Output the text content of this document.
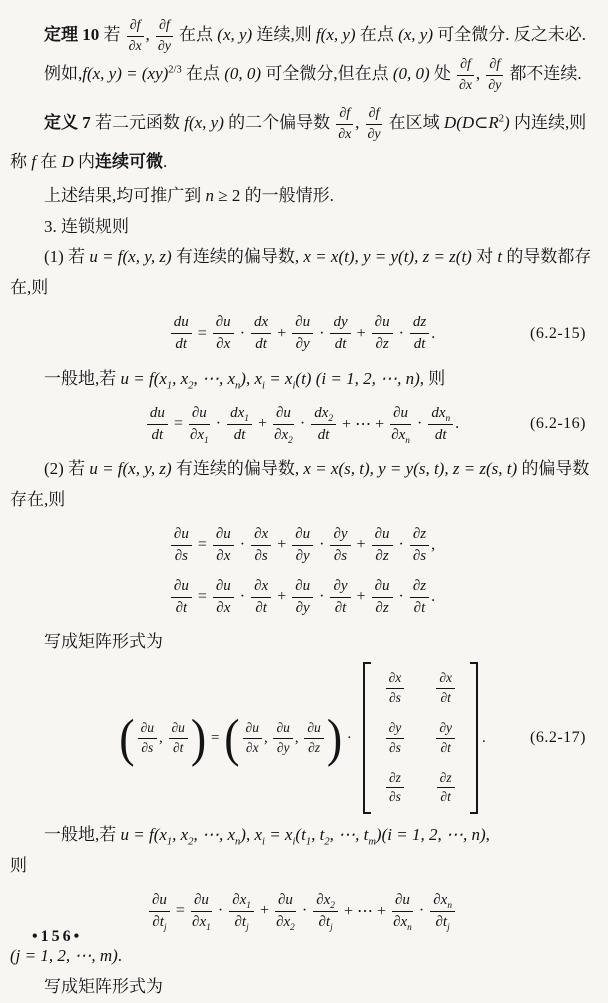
定理 10 若 $\frac{\partial f}{\partial x}$ , $\frac{\partial f}{\partial y}$ 在点 (x, y) 连续,则 f(x, y) 在点 (x, y) 可全微分. 反之未必.

例如,f(x, y) = (xy)$^{2/3}$ 在点 (0, 0) 可全微分,但在点 (0, 0) 处 $\frac{\partial f}{\partial x}$ , $\frac{\partial f}{\partial y}$ 都不连续.

定义 7 若二元函数 f(x, y) 的二个偏导数 $\frac{\partial f}{\partial x}$ , $\frac{\partial f}{\partial y}$ 在区域 $D(D\subset R^2)$ 内连续,则称 f 在 D 内连续可微.

上述结果,均可推广到 n ≥ 2 的一般情形.

3. 连锁规则

(1) 若 u = f(x, y, z) 有连续的偏导数, x = x(t), y = y(t), z = z(t) 对 t 的导数都存在,则

$\frac{du}{dt} = \frac{\partial u}{\partial x} \cdot \frac{dx}{dt} + \frac{\partial u}{\partial y} \cdot \frac{dy}{dt} + \frac{\partial u}{\partial z} \cdot \frac{dz}{dt}$ .	(6.2-15)

一般地,若 $u = f(x_1$, $x_2$, ⋯, $x_n$), $x_i = x_i(t) (i = 1$, 2, ⋯, n), 则

$\frac{du}{dt} = \frac{\partial u}{\partial x_1} \cdot \frac{dx_1}{dt} + \frac{\partial u}{\partial x_2} \cdot \frac{dx_2}{dt}$ + ⋯ + $\frac{\partial u}{\partial x_n} \cdot \frac{dx_n}{dt}$ .	(6.2-16)

(2) 若 u = f(x, y, z) 有连续的偏导数, x = x(s, t), y = y(s, t), z = z(s, t) 的偏导数存在,则

$\frac{\partial u}{\partial s} = \frac{\partial u}{\partial x} \cdot \frac{\partial x}{\partial s} + \frac{\partial u}{\partial y} \cdot \frac{\partial y}{\partial s} + \frac{\partial u}{\partial z} \cdot \frac{\partial z}{\partial s}$ ,
$\frac{\partial u}{\partial t} = \frac{\partial u}{\partial x} \cdot \frac{\partial x}{\partial t} + \frac{\partial u}{\partial y} \cdot \frac{\partial y}{\partial t} + \frac{\partial u}{\partial z} \cdot \frac{\partial z}{\partial t}$ .

写成矩阵形式为

( $\frac{\partial u}{\partial s}$ , $\frac{\partial u}{\partial t}$ ) = ( $\frac{\partial u}{\partial x}$ , $\frac{\partial u}{\partial y}$ , $\frac{\partial u}{\partial z}$ ) ·
$\frac{\partial x}{\partial s} \frac{\partial x}{\partial t}$
$\frac{\partial y}{\partial s} \frac{\partial y}{\partial t}$
$\frac{\partial z}{\partial s} \frac{\partial z}{\partial t}$
.	(6.2-17)

一般地,若 $u = f(x_1$, $x_2$, ⋯, $x_n$), $x_i = x_i(t_1$, $t_2$, ⋯, $t_m)(i = 1$, 2, ⋯, n),

则

$\frac{\partial u}{\partial t_j} = \frac{\partial u}{\partial x_1} \cdot \frac{\partial x_1}{\partial t_j} + \frac{\partial u}{\partial x_2} \cdot \frac{\partial x_2}{\partial t_j}$ + ⋯ + $\frac{\partial u}{\partial x_n} \cdot \frac{\partial x_n}{\partial t_j}$

(j = 1, 2, ⋯, m).

写成矩阵形式为

•156•
